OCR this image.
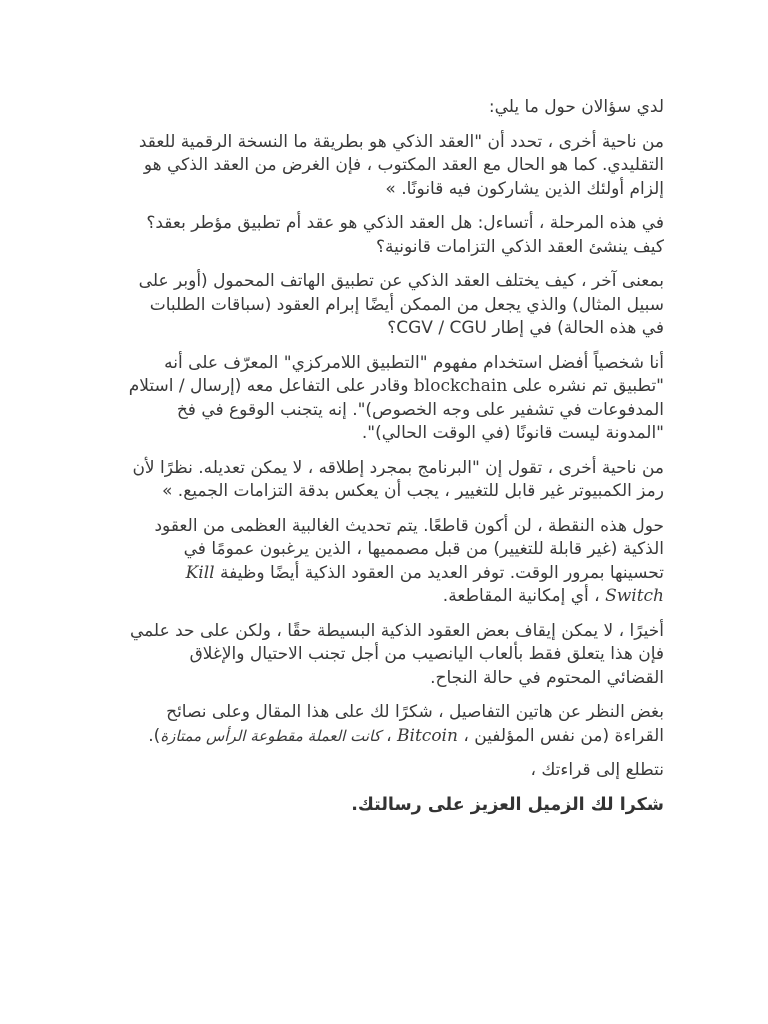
لدي سؤالان حول ما يلي:

من ناحية أخرى ، تحدد أن "العقد الذكي هو بطريقة ما النسخة الرقمية للعقد التقليدي. كما هو الحال مع العقد المكتوب ، فإن الغرض من العقد الذكي هو إلزام أولئك الذين يشاركون فيه قانونًا. »

في هذه المرحلة ، أتساءل: هل العقد الذكي هو عقد أم تطبيق مؤطر بعقد؟ كيف ينشئ العقد الذكي التزامات قانونية؟

بمعنى آخر ، كيف يختلف العقد الذكي عن تطبيق الهاتف المحمول (أوبر على سبيل المثال) والذي يجعل من الممكن أيضًا إبرام العقود (سباقات الطلبات في هذه الحالة) في إطار CGV / CGU؟

أنا شخصياً أفضل استخدام مفهوم "التطبيق اللامركزي" المعرّف على أنه "تطبيق تم نشره على blockchain وقادر على التفاعل معه (إرسال / استلام المدفوعات في تشفير على وجه الخصوص)". إنه يتجنب الوقوع في فخ "المدونة ليست قانونًا (في الوقت الحالي)".

من ناحية أخرى ، تقول إن "البرنامج بمجرد إطلاقه ، لا يمكن تعديله. نظرًا لأن رمز الكمبيوتر غير قابل للتغيير ، يجب أن يعكس بدقة التزامات الجميع. »

حول هذه النقطة ، لن أكون قاطعًا. يتم تحديث الغالبية العظمى من العقود الذكية (غير قابلة للتغيير) من قبل مصمميها ، الذين يرغبون عمومًا في تحسينها بمرور الوقت. توفر العديد من العقود الذكية أيضًا وظيفة Kill Switch ، أي إمكانية المقاطعة.

أخيرًا ، لا يمكن إيقاف بعض العقود الذكية البسيطة حقًا ، ولكن على حد علمي فإن هذا يتعلق فقط بألعاب اليانصيب من أجل تجنب الاحتيال والإغلاق القضائي المحتوم في حالة النجاح.

بغض النظر عن هاتين التفاصيل ، شكرًا لك على هذا المقال وعلى نصائح القراءة (من نفس المؤلفين ، Bitcoin ، كانت العملة مقطوعة الرأس ممتازة).

نتطلع إلى قراءتك ،

شكرا لك الزميل العزيز على رسالتك.
